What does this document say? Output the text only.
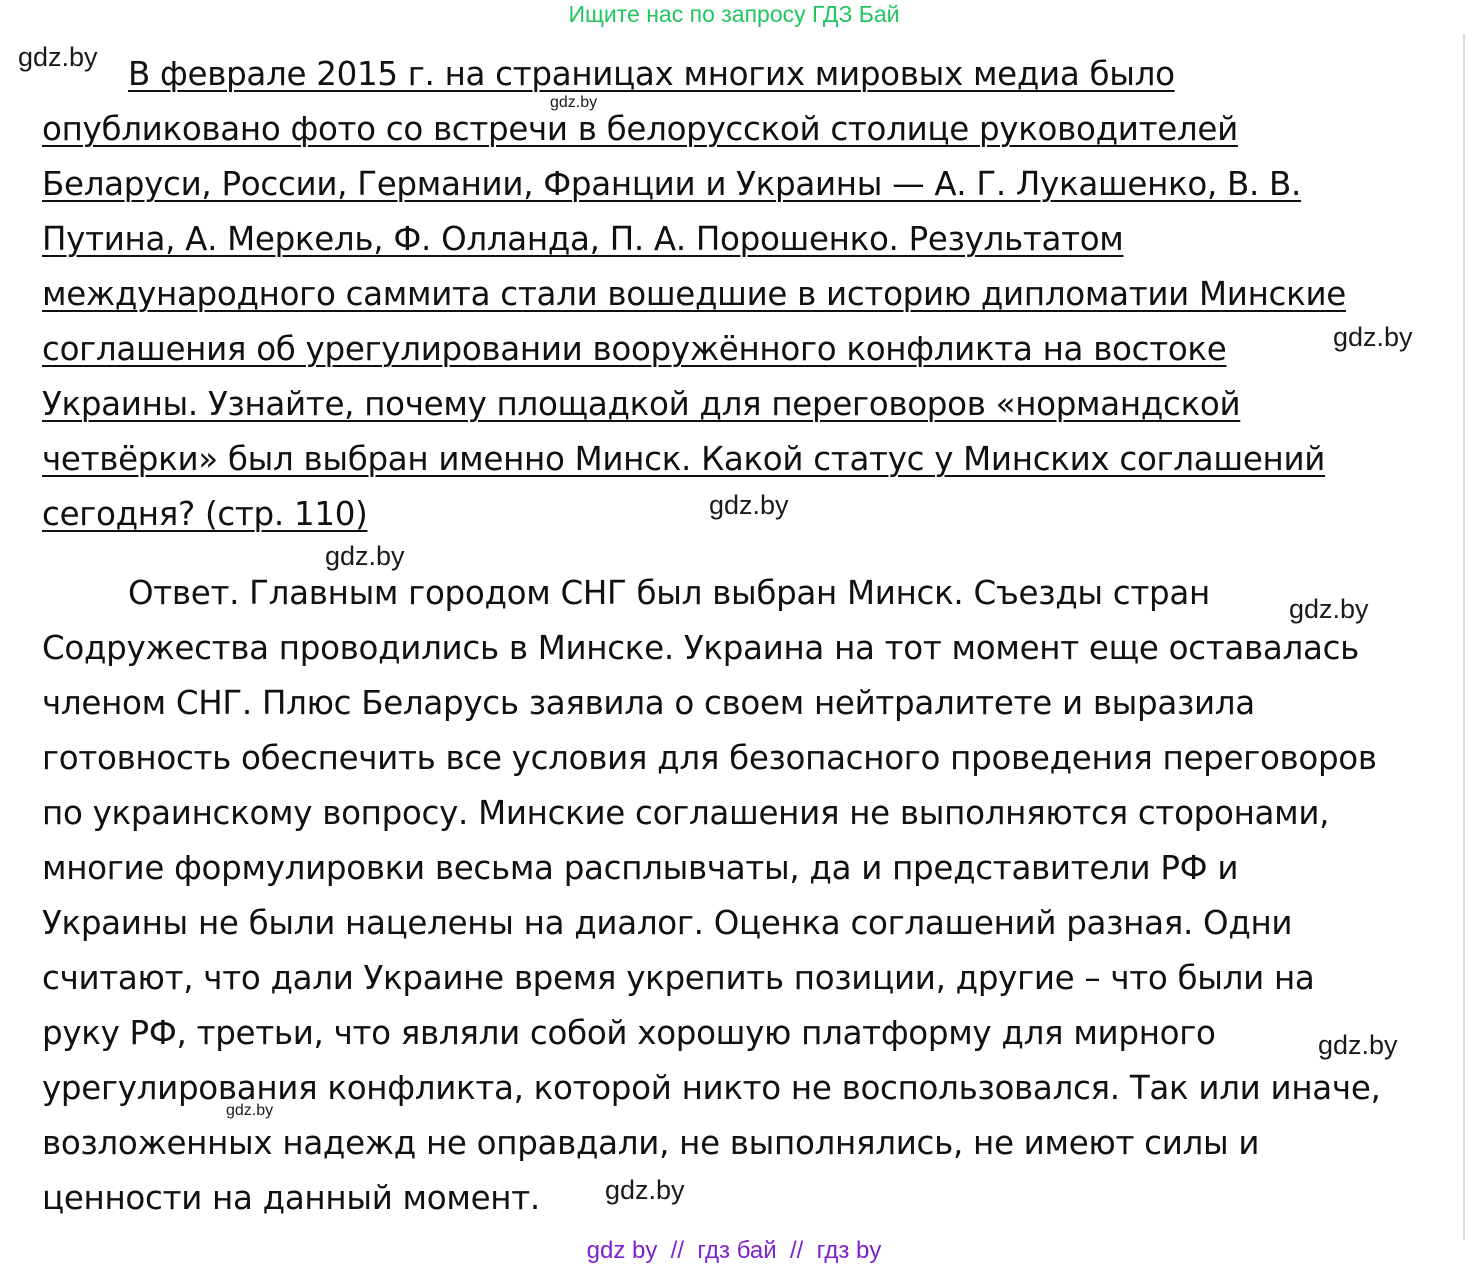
Ищите нас по запросу ГДЗ Бай
В феврале 2015 г. на страницах многих мировых медиа было
опубликовано фото со встречи в белорусской столице руководителей
Беларуси, России, Германии, Франции и Украины — А. Г. Лукашенко, В. В.
Путина, А. Меркель, Ф. Олланда, П. А. Порошенко. Результатом
международного саммита стали вошедшие в историю дипломатии Минские
соглашения об урегулировании вооружённого конфликта на востоке
Украины. Узнайте, почему площадкой для переговоров «нормандской
четвёрки» был выбран именно Минск. Какой статус у Минских соглашений
сегодня? (стр. 110)
Ответ. Главным городом СНГ был выбран Минск. Съезды стран
Содружества проводились в Минске. Украина на тот момент еще оставалась
членом СНГ. Плюс Беларусь заявила о своем нейтралитете и выразила
готовность обеспечить все условия для безопасного проведения переговоров
по украинскому вопросу. Минские соглашения не выполняются сторонами,
многие формулировки весьма расплывчаты, да и представители РФ и
Украины не были нацелены на диалог. Оценка соглашений разная. Одни
считают, что дали Украине время укрепить позиции, другие – что были на
руку РФ, третьи, что являли собой хорошую платформу для мирного
урегулирования конфликта, которой никто не воспользовался. Так или иначе,
возложенных надежд не оправдали, не выполнялись, не имеют силы и
ценности на данный момент.
gdz.by
gdz.by
gdz.by
gdz.by
gdz.by
gdz.by
gdz.by
gdz.by
gdz.by
gdz by  //  гдз бай  //  гдз by
